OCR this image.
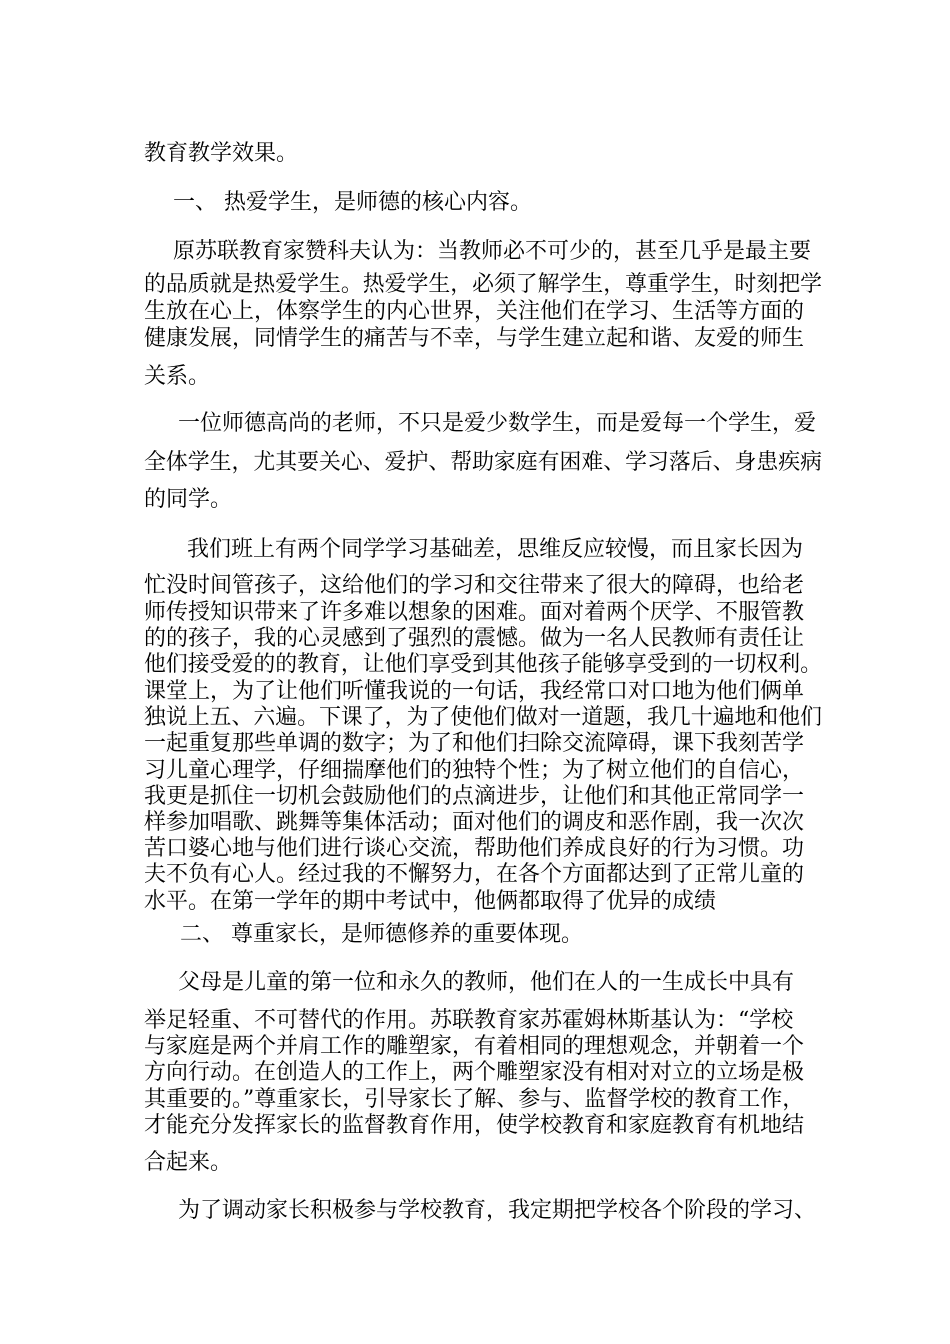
教育教学效果。
一、 热爱学生，是师德的核心内容。
原苏联教育家赞科夫认为：当教师必不可少的，甚至几乎是最主要
的品质就是热爱学生。热爱学生，必须了解学生，尊重学生，时刻把学
生放在心上，体察学生的内心世界，关注他们在学习、生活等方面的
健康发展，同情学生的痛苦与不幸，与学生建立起和谐、友爱的师生
关系。
一位师德高尚的老师，不只是爱少数学生，而是爱每一个学生，爱
全体学生，尤其要关心、爱护、帮助家庭有困难、学习落后、身患疾病
的同学。
我们班上有两个同学学习基础差，思维反应较慢，而且家长因为
忙没时间管孩子，这给他们的学习和交往带来了很大的障碍，也给老
师传授知识带来了许多难以想象的困难。面对着两个厌学、不服管教
的的孩子，我的心灵感到了强烈的震憾。做为一名人民教师有责任让
他们接受爱的的教育，让他们享受到其他孩子能够享受到的一切权利。
课堂上，为了让他们听懂我说的一句话，我经常口对口地为他们俩单
独说上五、六遍。下课了，为了使他们做对一道题，我几十遍地和他们
一起重复那些单调的数字；为了和他们扫除交流障碍，课下我刻苦学
习儿童心理学，仔细揣摩他们的独特个性；为了树立他们的自信心，
我更是抓住一切机会鼓励他们的点滴进步，让他们和其他正常同学一
样参加唱歌、跳舞等集体活动；面对他们的调皮和恶作剧，我一次次
苦口婆心地与他们进行谈心交流，帮助他们养成良好的行为习惯。功
夫不负有心人。经过我的不懈努力，在各个方面都达到了正常儿童的
水平。在第一学年的期中考试中，他俩都取得了优异的成绩
二、 尊重家长，是师德修养的重要体现。
父母是儿童的第一位和永久的教师，他们在人的一生成长中具有
举足轻重、不可替代的作用。苏联教育家苏霍姆林斯基认为：“学校
与家庭是两个并肩工作的雕塑家，有着相同的理想观念，并朝着一个
方向行动。在创造人的工作上，两个雕塑家没有相对对立的立场是极
其重要的。”尊重家长，引导家长了解、参与、监督学校的教育工作，
才能充分发挥家长的监督教育作用，使学校教育和家庭教育有机地结
合起来。
为了调动家长积极参与学校教育，我定期把学校各个阶段的学习、
